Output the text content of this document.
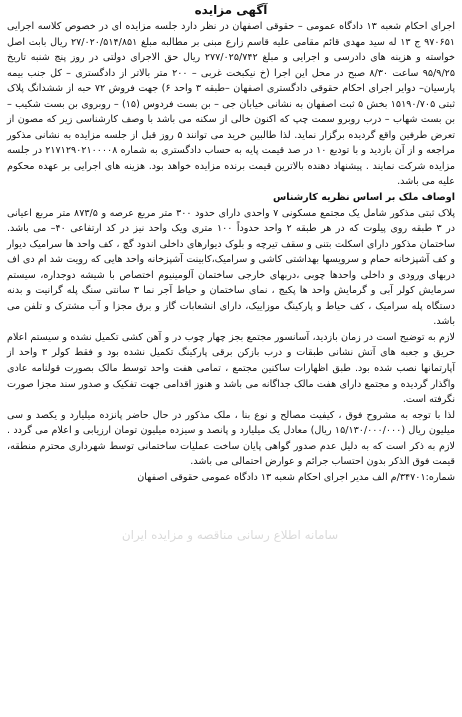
آگهی مزایده

اجرای احکام شعبه ۱۳ دادگاه عمومی – حقوقی اصفهان در نظر دارد جلسه مزایده ای در خصوص کلاسه اجرایی ۹۷۰۶۵۱ ج ۱۳ له سید مهدی قائم مقامی علیه قاسم زارع مبنی بر مطالبه مبلغ ۲۷/۰۲۰/۵۱۴/۸۵۱ ریال بابت اصل خواسته و هزینه های دادرسی و اجرایی و مبلغ ۲۷۷/۰۲۵/۷۴۲ ریال حق الاجرای دولتی در روز پنج شنبه تاریخ ۹۵/۹/۲۵ ساعت ۸/۳۰ صبح در محل این اجرا (خ نیکبخت غربی – ۲۰۰ متر بالاتر از دادگستری – کل جنب بیمه پارسیان– دوایر اجرای احکام حقوقی دادگستری اصفهان –طبقه ۳ واحد ۶) جهت فروش ۷۲ حبه از ششدانگ پلاک ثبتی ۱۵۱۹۰/۷۰۵ بخش ۵ ثبت اصفهان به نشانی خیابان جی – بن بست فردوس (۱۵) – روبروی بن بست شکیب – بن بست شهاب – درب روبرو سمت چپ که اکنون خالی از سکنه می باشد با وصف کارشناسی زیر که مصون از تعرض طرفین واقع گردیده برگزار نماید. لذا طالبین خرید می توانند ۵ روز قبل از جلسه مزایده به نشانی مذکور مراجعه و از آن بازدید و با تودیع ۱۰ در صد قیمت پایه به حساب دادگستری به شماره ۲۱۷۱۲۹۰۲۱۰۰۰۰۸ در جلسه مزایده شرکت نمایند . پیشنهاد دهنده بالاترین قیمت برنده مزایده خواهد بود. هزینه های اجرایی بر عهده محکوم علیه می باشد.

اوصاف ملک بر اساس نظریه کارشناس

پلاک ثبتی مذکور شامل یک مجتمع مسکونی ۷ واحدی دارای حدود ۳۰۰ متر مربع عرصه و ۸۷۳/۵ متر مربع اعیانی در ۳ طبقه روی پیلوت که در هر طبقه ۲ واحد حدوداً ۱۰۰ متری ویک واحد نیز در کد ارتفاعی ۴۰– می باشد. ساختمان مذکور دارای اسکلت بتنی و سقف تیرچه و بلوک دیوارهای داخلی اندود گچ ، کف واحد ها سرامیک دیوار و کف آشپزخانه حمام و سرویسها بهداشتی کاشی و سرامیک،کابینت آشپزخانه واحد هایی که رویت شد ام دی اف دربهای ورودی و داخلی واحدها چوبی ،دربهای خارجی ساختمان آلومینیوم اختصاص با شیشه دوجداره، سیستم سرمایش کولر آبی و گرمایش واحد ها پکیج ، نمای ساختمان و حیاط آجر نما ۳ سانتی سنگ پله گرانیت و بدنه دستگاه پله سرامیک ، کف حیاط و پارکینگ موزاییک، دارای انشعابات گاز و برق مجزا و آب مشترک و تلفن می باشد.

لازم به توضیح است در زمان بازدید، آسانسور مجتمع بجز چهار چوب در و آهن کشی تکمیل نشده و سیستم اعلام حریق و جعبه های آتش نشانی طبقات و درب بازکن برقی پارکینگ تکمیل نشده بود و فقط کولر ۳ واحد از آپارتمانها نصب شده بود. طبق اظهارات ساکنین مجتمع ، تمامی هفت واحد توسط مالک بصورت قولنامه عادی واگذار گردیده و مجتمع دارای هفت مالک جداگانه می باشد و هنوز اقدامی جهت تفکیک و صدور سند مجزا صورت نگرفته است.

لذا با توجه به مشروح فوق ، کیفیت مصالح و نوع بنا ، ملک مذکور در حال حاضر پانزده میلیارد و یکصد و سی میلیون ریال (۱۵/۱۳۰/۰۰۰/۰۰۰ ریال) معادل یک میلیارد و پانصد و سیزده میلیون تومان ارزیابی و اعلام می گردد . لازم به ذکر است که به دلیل عدم صدور گواهی پایان ساخت عملیات ساختمانی توسط شهرداری محترم منطقه، قیمت فوق الذکر بدون احتساب جرائم و عوارض احتمالی می باشد.

شماره:۳۴۷۰۱/م الف مدیر اجرای احکام شعبه ۱۳ دادگاه عمومی حقوقی اصفهان

سامانه اطلاع رسانی مناقصه و مزایده ایران
